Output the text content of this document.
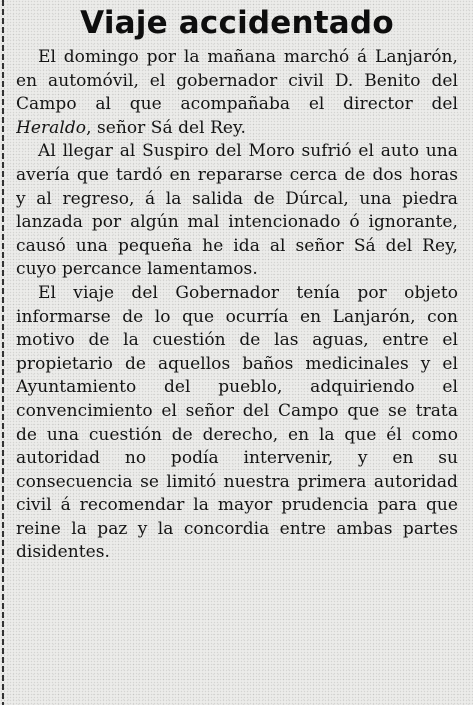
Viaje accidentado

El domingo por la mañana marchó á Lanjarón, en automóvil, el gobernador civil D. Benito del Campo al que acompañaba el director del Heraldo, señor Sá del Rey.

Al llegar al Suspiro del Moro sufrió el auto una avería que tardó en repararse cerca de dos horas y al regreso, á la salida de Dúrcal, una piedra lanzada por algún mal intencionado ó ignorante, causó una pequeña he ida al señor Sá del Rey, cuyo percance lamentamos.

El viaje del Gobernador tenía por objeto informarse de lo que ocurría en Lanjarón, con motivo de la cuestión de las aguas, entre el propietario de aquellos baños medicinales y el Ayuntamiento del pueblo, adquiriendo el convencimiento el señor del Campo que se trata de una cuestión de derecho, en la que él como autoridad no podía intervenir, y en su consecuencia se limitó nuestra primera autoridad civil á recomendar la mayor prudencia para que reine la paz y la concordia entre ambas partes disidentes.
